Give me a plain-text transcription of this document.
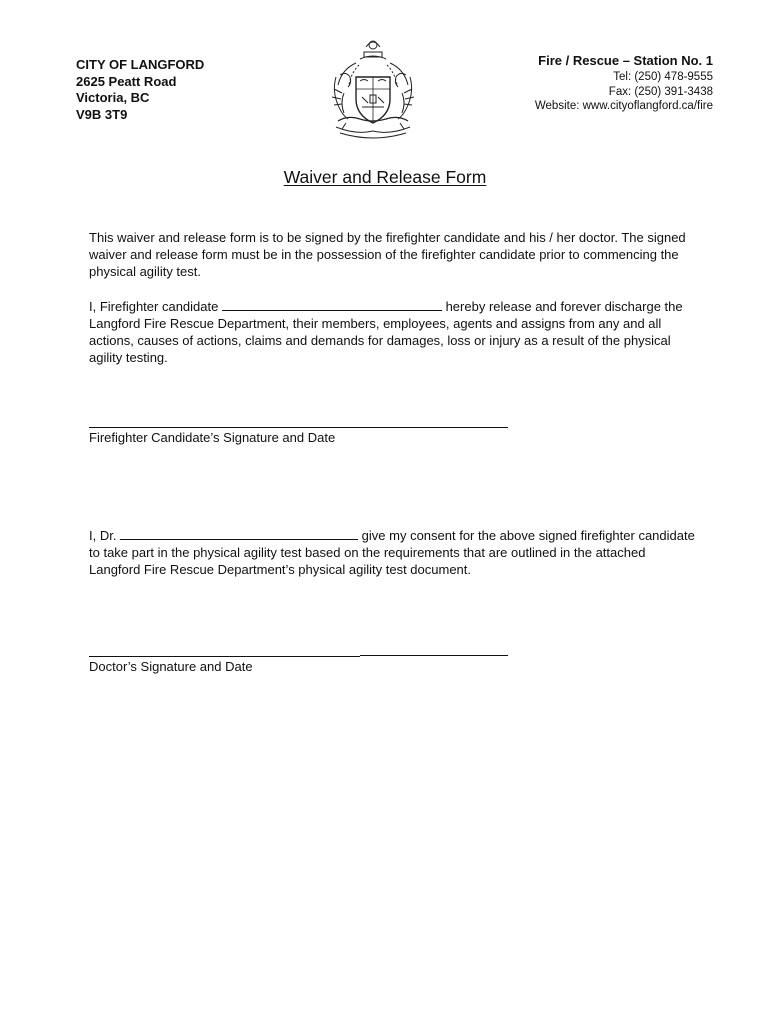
CITY OF LANGFORD
2625 Peatt Road
Victoria, BC
V9B 3T9
Fire / Rescue – Station No. 1
Tel: (250) 478-9555
Fax: (250) 391-3438
Website: www.cityoflangford.ca/fire
Waiver and Release Form
This waiver and release form is to be signed by the firefighter candidate and his / her doctor. The signed waiver and release form must be in the possession of the firefighter candidate prior to commencing the physical agility test.
I, Firefighter candidate	hereby release and forever discharge the Langford Fire Rescue Department, their members, employees, agents and assigns from any and all actions, causes of actions, claims and demands for damages, loss or injury as a result of the physical agility testing.
Firefighter Candidate’s Signature and Date
I, Dr.	give my consent for the above signed firefighter candidate to take part in the physical agility test based on the requirements that are outlined in the attached Langford Fire Rescue Department’s physical agility test document.
Doctor’s Signature and Date
